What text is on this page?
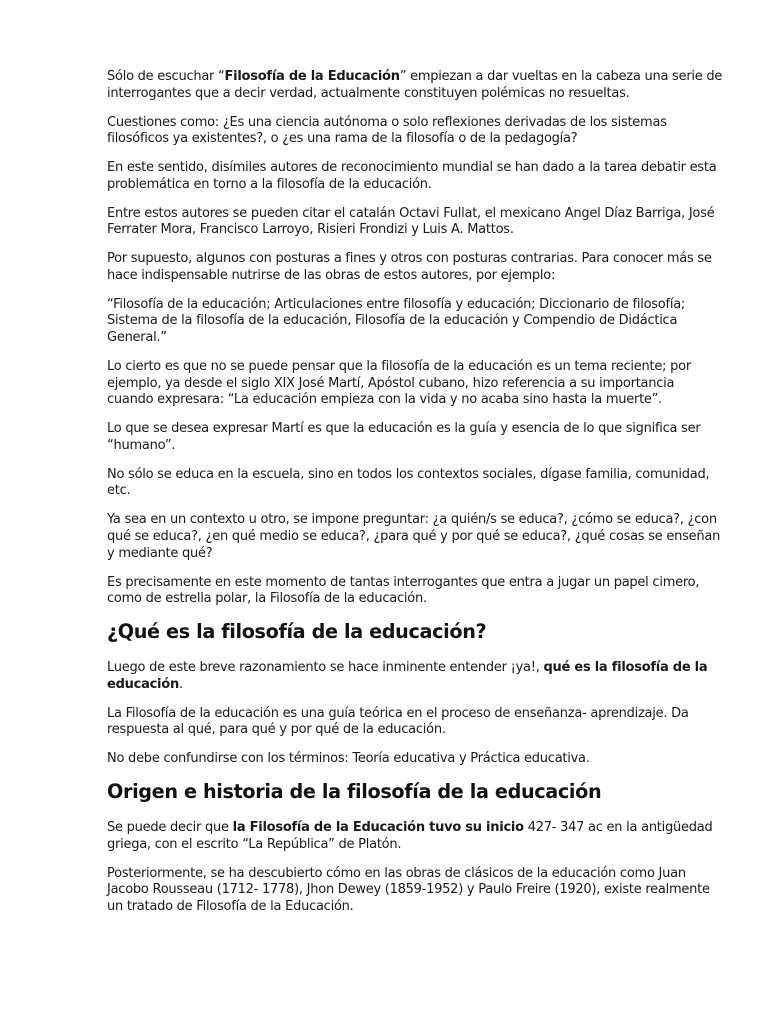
Sólo de escuchar “Filosofía de la Educación” empiezan a dar vueltas en la cabeza una serie de interrogantes que a decir verdad, actualmente constituyen polémicas no resueltas.

Cuestiones como: ¿Es una ciencia autónoma o solo reflexiones derivadas de los sistemas filosóficos ya existentes?, o ¿es una rama de la filosofía o de la pedagogía?

En este sentido, disímiles autores de reconocimiento mundial se han dado a la tarea debatir esta problemática en torno a la filosofía de la educación.

Entre estos autores se pueden citar el catalán Octavi Fullat, el mexicano Angel Díaz Barriga, José Ferrater Mora, Francisco Larroyo, Risieri Frondizi y Luis A. Mattos.

Por supuesto, algunos con posturas a fines y otros con posturas contrarias. Para conocer más se hace indispensable nutrirse de las obras de estos autores, por ejemplo:

“Filosofía de la educación; Articulaciones entre filosofía y educación; Diccionario de filosofía; Sistema de la filosofía de la educación, Filosofía de la educación y Compendio de Didáctica General.”

Lo cierto es que no se puede pensar que la filosofía de la educación es un tema reciente; por ejemplo, ya desde el siglo XIX José Martí, Apóstol cubano, hizo referencia a su importancia cuando expresara: “La educación empieza con la vida y no acaba sino hasta la muerte”.

Lo que se desea expresar Martí es que la educación es la guía y esencia de lo que significa ser “humano”.

No sólo se educa en la escuela, sino en todos los contextos sociales, dígase familia, comunidad, etc.

Ya sea en un contexto u otro, se impone preguntar: ¿a quién/s se educa?, ¿cómo se educa?, ¿con qué se educa?, ¿en qué medio se educa?, ¿para qué y por qué se educa?, ¿qué cosas se enseñan y mediante qué?

Es precisamente en este momento de tantas interrogantes que entra a jugar un papel cimero, como de estrella polar, la Filosofía de la educación.

¿Qué es la filosofía de la educación?

Luego de este breve razonamiento se hace inminente entender ¡ya!, qué es la filosofía de la educación.

La Filosofía de la educación es una guía teórica en el proceso de enseñanza- aprendizaje. Da respuesta al qué, para qué y por qué de la educación.

No debe confundirse con los términos: Teoría educativa y Práctica educativa.

Origen e historia de la filosofía de la educación

Se puede decir que la Filosofía de la Educación tuvo su inicio 427- 347 ac en la antigüedad griega, con el escrito “La República” de Platón.

Posteriormente, se ha descubierto cómo en las obras de clásicos de la educación como Juan Jacobo Rousseau (1712- 1778), Jhon Dewey (1859-1952) y Paulo Freire (1920), existe realmente un tratado de Filosofía de la Educación.
